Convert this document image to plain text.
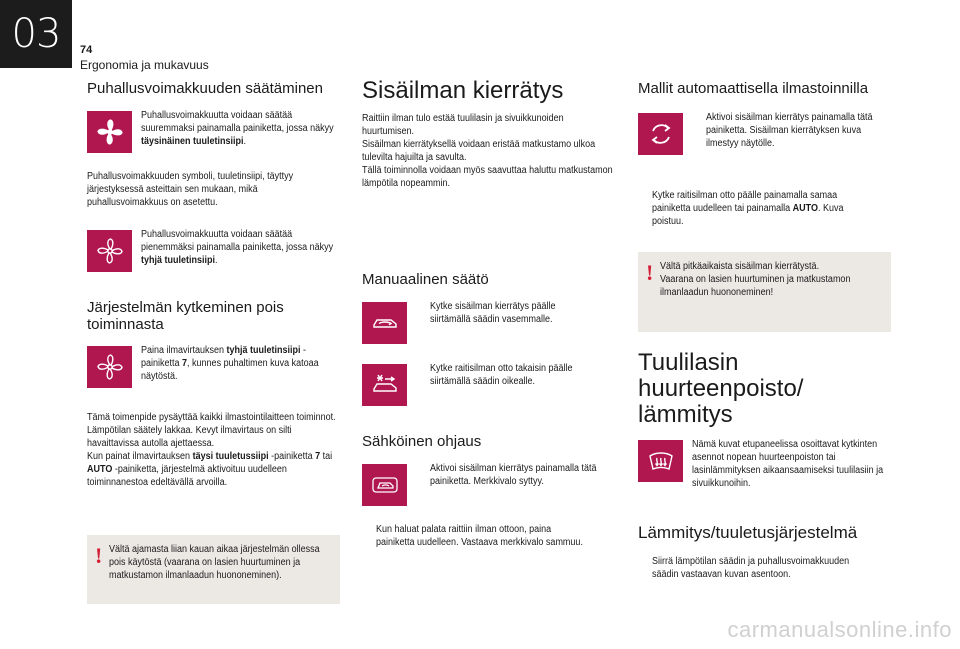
03	74
Ergonomia ja mukavuus
Puhallusvoimakkuuden säätäminen

Puhallusvoimakkuutta voidaan säätää suuremmaksi painamalla painiketta, jossa näkyy täysinäinen tuuletinsiipi.

Puhallusvoimakkuuden symboli, tuuletinsiipi, täyttyy järjestyksessä asteittain sen mukaan, mikä puhallusvoimakkuus on asetettu.

Puhallusvoimakkuutta voidaan säätää pienemmäksi painamalla painiketta, jossa näkyy tyhjä tuuletinsiipi.

Järjestelmän kytkeminen pois toiminnasta

Paina ilmavirtauksen tyhjä tuuletinsiipi -painiketta 7, kunnes puhaltimen kuva katoaa näytöstä.

Tämä toimenpide pysäyttää kaikki ilmastointilaitteen toiminnot.

Lämpötilan säätely lakkaa. Kevyt ilmavirtaus on silti havaittavissa autolla ajettaessa.

Kun painat ilmavirtauksen täysi tuuletussiipi -painiketta 7 tai AUTO -painiketta, järjestelmä aktivoituu uudelleen toiminnanestoa edeltävällä arvoilla.

! Vältä ajamasta liian kauan aikaa järjestelmän ollessa pois käytöstä (vaarana on lasien huurtuminen ja matkustamon ilmanlaadun huononeminen).

Sisäilman kierrätys

Raittiin ilman tulo estää tuulilasin ja sivuikkunoiden huurtumisen.

Sisäilman kierrätyksellä voidaan eristää matkustamo ulkoa tulevilta hajuilta ja savulta.

Tällä toiminnolla voidaan myös saavuttaa haluttu matkustamon lämpötila nopeammin.

Manuaalinen säätö

Kytke sisäilman kierrätys päälle siirtämällä säädin vasemmalle.

Kytke raitisilman otto takaisin päälle siirtämällä säädin oikealle.

Sähköinen ohjaus

Aktivoi sisäilman kierrätys painamalla tätä painiketta. Merkkivalo syttyy.

Kun haluat palata raittiin ilman ottoon, paina painiketta uudelleen. Vastaava merkkivalo sammuu.

Mallit automaattisella ilmastoinnilla

Aktivoi sisäilman kierrätys painamalla tätä painiketta. Sisäilman kierrätyksen kuva ilmestyy näytölle.

Kytke raitisilman otto päälle painamalla samaa painiketta uudelleen tai painamalla AUTO. Kuva poistuu.

! Vältä pitkäaikaista sisäilman kierrätystä.

Vaarana on lasien huurtuminen ja matkustamon ilmanlaadun huononeminen!

Tuulilasin huurteenpoisto/ lämmitys

Nämä kuvat etupaneelissa osoittavat kytkinten asennot nopean huurteenpoiston tai lasinlämmityksen aikaansaamiseksi tuulilasiin ja sivuikkunoihin.

Lämmitys/tuuletusjärjestelmä

Siirrä lämpötilan säädin ja puhallusvoimakkuuden säädin vastaavan kuvan asentoon.

carmanualsonline.info
